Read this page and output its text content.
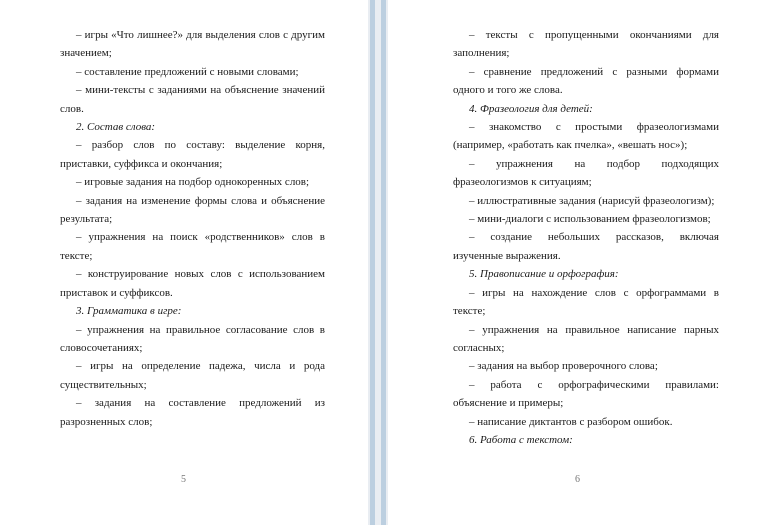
– игры «Что лишнее?» для выделения слов с другим значением;

– составление предложений с новыми словами;

– мини-тексты с заданиями на объяснение значений слов.

2. Состав слова:

– разбор слов по составу: выделение корня, приставки, суффикса и окончания;

– игровые задания на подбор однокоренных слов;

– задания на изменение формы слова и объяснение результата;

– упражнения на поиск «родственников» слов в тексте;

– конструирование новых слов с использованием приставок и суффиксов.

3. Грамматика в игре:

– упражнения на правильное согласование слов в словосочетаниях;

– игры на определение падежа, числа и рода существительных;

– задания на составление предложений из разрозненных слов;

– тексты с пропущенными окончаниями для заполнения;

– сравнение предложений с разными формами одного и того же слова.

4. Фразеология для детей:

– знакомство с простыми фразеологизмами (например, «работать как пчелка», «вешать нос»);

– упражнения на подбор подходящих фразеологизмов к ситуациям;

– иллюстративные задания (нарисуй фразеологизм);

– мини-диалоги с использованием фразеологизмов;

– создание небольших рассказов, включая изученные выражения.

5. Правописание и орфография:

– игры на нахождение слов с орфограммами в тексте;

– упражнения на правильное написание парных согласных;

– задания на выбор проверочного слова;

– работа с орфографическими правилами: объяснение и примеры;

– написание диктантов с разбором ошибок.

6. Работа с текстом:

5	6
